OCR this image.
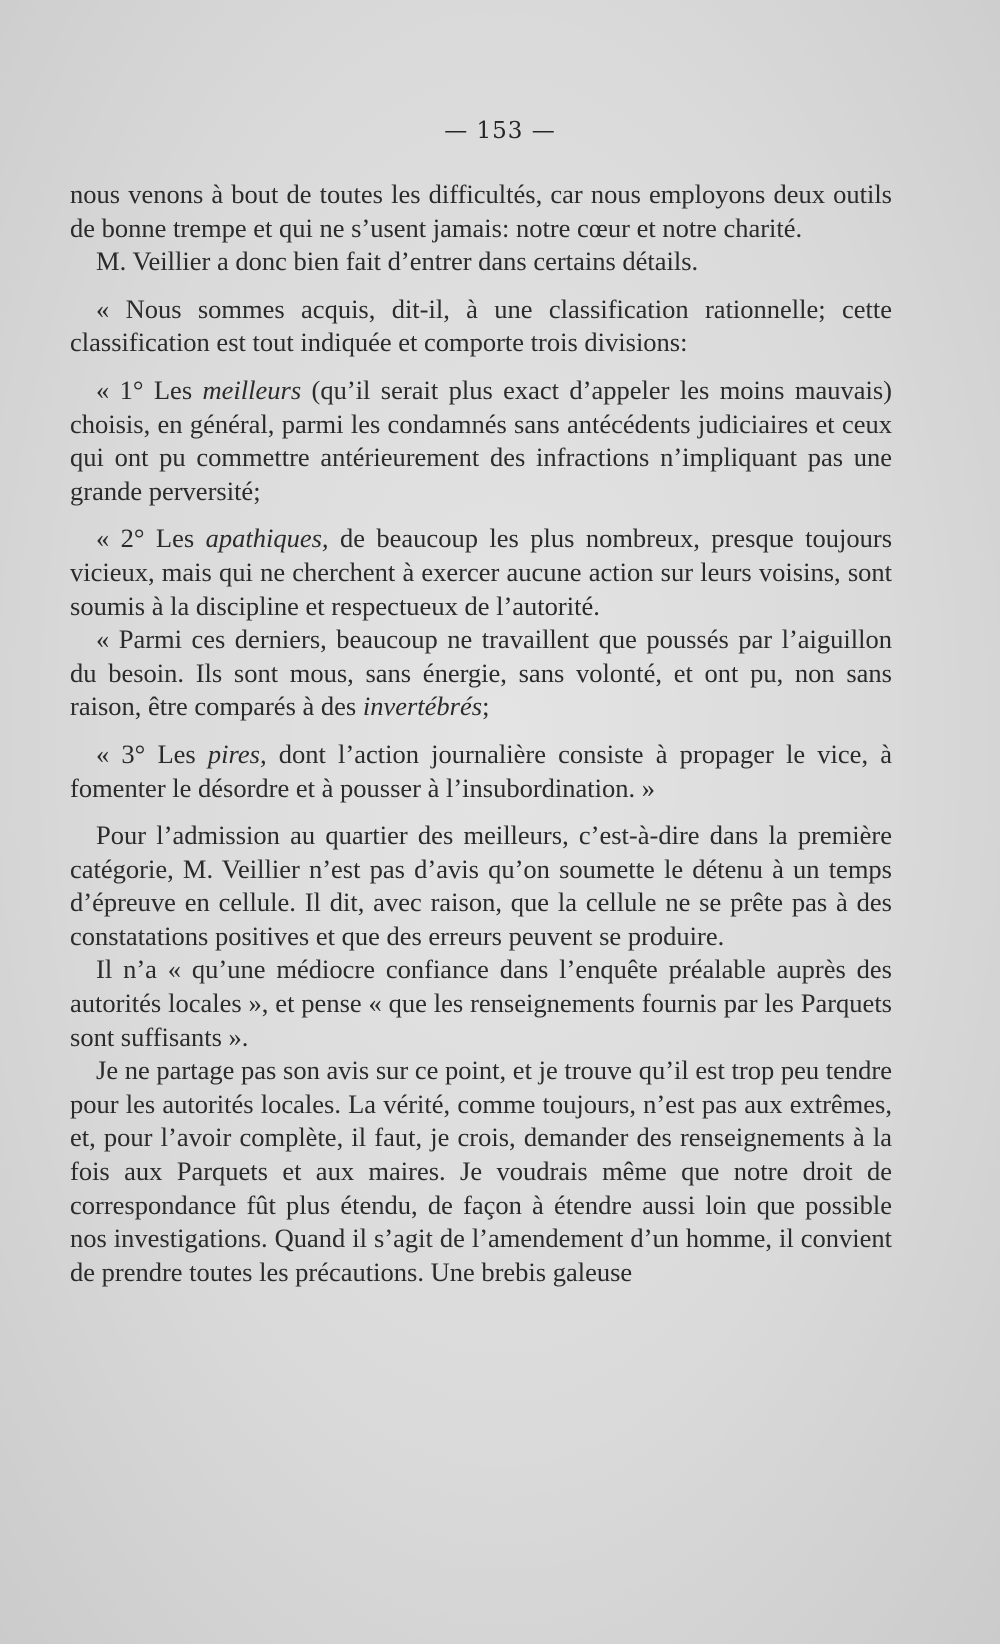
— 153 —

nous venons à bout de toutes les difficultés, car nous employons deux outils de bonne trempe et qui ne s’usent jamais: notre cœur et notre charité.

M. Veillier a donc bien fait d’entrer dans certains détails.

« Nous sommes acquis, dit-il, à une classification rationnelle; cette classification est tout indiquée et comporte trois divisions:

« 1° Les meilleurs (qu’il serait plus exact d’appeler les moins mauvais) choisis, en général, parmi les condamnés sans antécédents judiciaires et ceux qui ont pu commettre antérieurement des infractions n’impliquant pas une grande perversité;

« 2° Les apathiques, de beaucoup les plus nombreux, presque toujours vicieux, mais qui ne cherchent à exercer aucune action sur leurs voisins, sont soumis à la discipline et respectueux de l’autorité.

« Parmi ces derniers, beaucoup ne travaillent que poussés par l’aiguillon du besoin. Ils sont mous, sans énergie, sans volonté, et ont pu, non sans raison, être comparés à des invertébrés;

« 3° Les pires, dont l’action journalière consiste à propager le vice, à fomenter le désordre et à pousser à l’insubordination. »

Pour l’admission au quartier des meilleurs, c’est-à-dire dans la première catégorie, M. Veillier n’est pas d’avis qu’on soumette le détenu à un temps d’épreuve en cellule. Il dit, avec raison, que la cellule ne se prête pas à des constatations positives et que des erreurs peuvent se produire.

Il n’a « qu’une médiocre confiance dans l’enquête préalable auprès des autorités locales », et pense « que les renseignements fournis par les Parquets sont suffisants ».

Je ne partage pas son avis sur ce point, et je trouve qu’il est trop peu tendre pour les autorités locales. La vérité, comme toujours, n’est pas aux extrêmes, et, pour l’avoir complète, il faut, je crois, demander des renseignements à la fois aux Parquets et aux maires. Je voudrais même que notre droit de correspondance fût plus étendu, de façon à étendre aussi loin que possible nos investigations. Quand il s’agit de l’amendement d’un homme, il convient de prendre toutes les précautions. Une brebis galeuse
